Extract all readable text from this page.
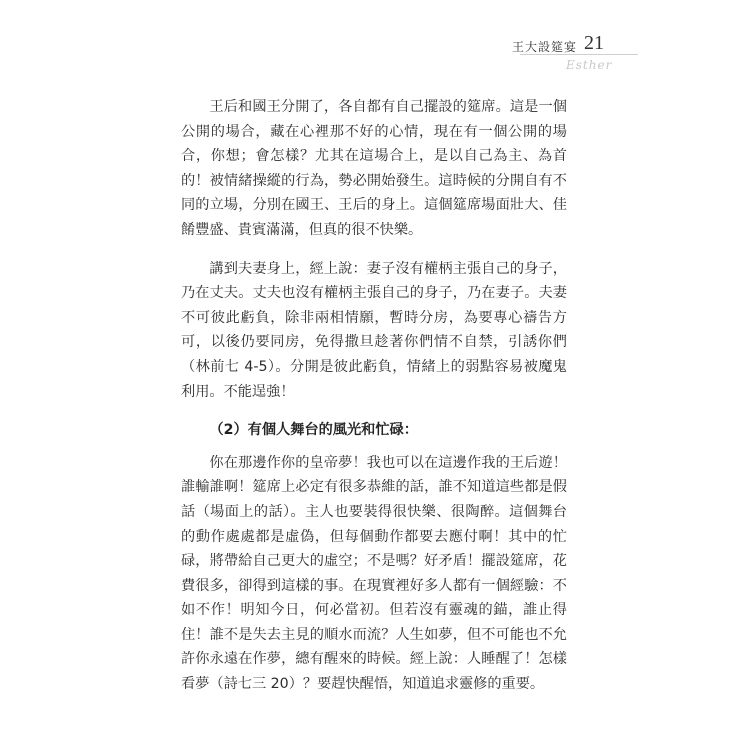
王大設筵宴 21
Esther

王后和國王分開了，各自都有自己擺設的筵席。這是一個公開的場合，藏在心裡那不好的心情，現在有一個公開的場合，你想；會怎樣？尤其在這場合上，是以自己為主、為首的！被情緒操縱的行為，勢必開始發生。這時候的分開自有不同的立場，分別在國王、王后的身上。這個筵席場面壯大、佳餚豐盛、貴賓滿滿，但真的很不快樂。

講到夫妻身上，經上說：妻子沒有權柄主張自己的身子，乃在丈夫。丈夫也沒有權柄主張自己的身子，乃在妻子。夫妻不可彼此虧負，除非兩相情願，暫時分房，為要專心禱告方可，以後仍要同房，免得撒旦趁著你們情不自禁，引誘你們（林前七 4-5）。分開是彼此虧負，情緒上的弱點容易被魔鬼利用。不能逞強！

（2）有個人舞台的風光和忙碌：

你在那邊作你的皇帝夢！我也可以在這邊作我的王后遊！誰輸誰啊！筵席上必定有很多恭維的話，誰不知道這些都是假話（場面上的話）。主人也要裝得很快樂、很陶醉。這個舞台的動作處處都是虛偽，但每個動作都要去應付啊！其中的忙碌，將帶給自己更大的虛空；不是嗎？好矛盾！擺設筵席，花費很多，卻得到這樣的事。在現實裡好多人都有一個經驗：不如不作！明知今日，何必當初。但若沒有靈魂的錨，誰止得住！誰不是失去主見的順水而流？人生如夢，但不可能也不允許你永遠在作夢，總有醒來的時候。經上說：人睡醒了！怎樣看夢（詩七三 20）？要趕快醒悟，知道追求靈修的重要。
